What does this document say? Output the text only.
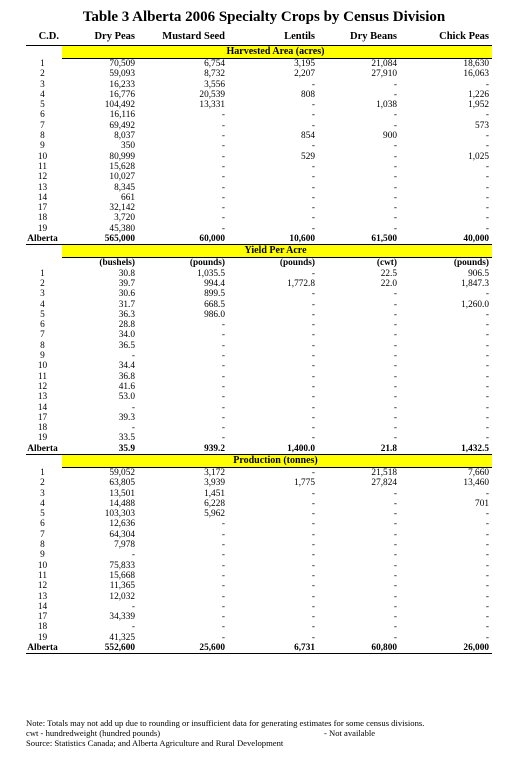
Table 3 Alberta 2006 Specialty Crops by Census Division
C.D.	Dry Peas	Mustard Seed	Lentils	Dry Beans	Chick Peas
	Harvested Area (acres)				
1	70,509	6,754	3,195	21,084	18,630
2	59,093	8,732	2,207	27,910	16,063
3	16,233	3,556	-	-	-
4	16,776	20,539	808	-	1,226
5	104,492	13,331	-	1,038	1,952
6	16,116	-	-	-	-
7	69,492	-	-	-	573
8	8,037	-	854	900	-
9	350	-	-	-	-
10	80,999	-	529	-	1,025
11	15,628	-	-	-	-
12	10,027	-	-	-	-
13	8,345	-	-	-	-
14	661	-	-	-	-
17	32,142	-	-	-	-
18	3,720	-	-	-	-
19	45,380	-	-	-	-
Alberta	565,000	60,000	10,600	61,500	40,000
	Yield Per Acre				
	(bushels)	(pounds)	(pounds)	(cwt)	(pounds)
1	30.8	1,035.5	-	22.5	906.5
2	39.7	994.4	1,772.8	22.0	1,847.3
3	30.6	899.5	-	-	-
4	31.7	668.5	-	-	1,260.0
5	36.3	986.0	-	-	-
6	28.8	-	-	-	-
7	34.0	-	-	-	-
8	36.5	-	-	-	-
9	-	-	-	-	-
10	34.4	-	-	-	-
11	36.8	-	-	-	-
12	41.6	-	-	-	-
13	53.0	-	-	-	-
14	-	-	-	-	-
17	39.3	-	-	-	-
18	-	-	-	-	-
19	33.5	-	-	-	-
Alberta	35.9	939.2	1,400.0	21.8	1,432.5
	Production (tonnes)				
1	59,052	3,172	-	21,518	7,660
2	63,805	3,939	1,775	27,824	13,460
3	13,501	1,451	-	-	-
4	14,488	6,228	-	-	701
5	103,303	5,962	-	-	-
6	12,636	-	-	-	-
7	64,304	-	-	-	-
8	7,978	-	-	-	-
9	-	-	-	-	-
10	75,833	-	-	-	-
11	15,668	-	-	-	-
12	11,365	-	-	-	-
13	12,032	-	-	-	-
14	-	-	-	-	-
17	34,339	-	-	-	-
18	-	-	-	-	-
19	41,325	-	-	-	-
Alberta	552,600	25,600	6,731	60,800	26,000
Note: Totals may not add up due to rounding or insufficient data for generating estimates for some census divisions.
cwt - hundredweight (hundred pounds)	- Not available
Source: Statistics Canada; and Alberta Agriculture and Rural Development
